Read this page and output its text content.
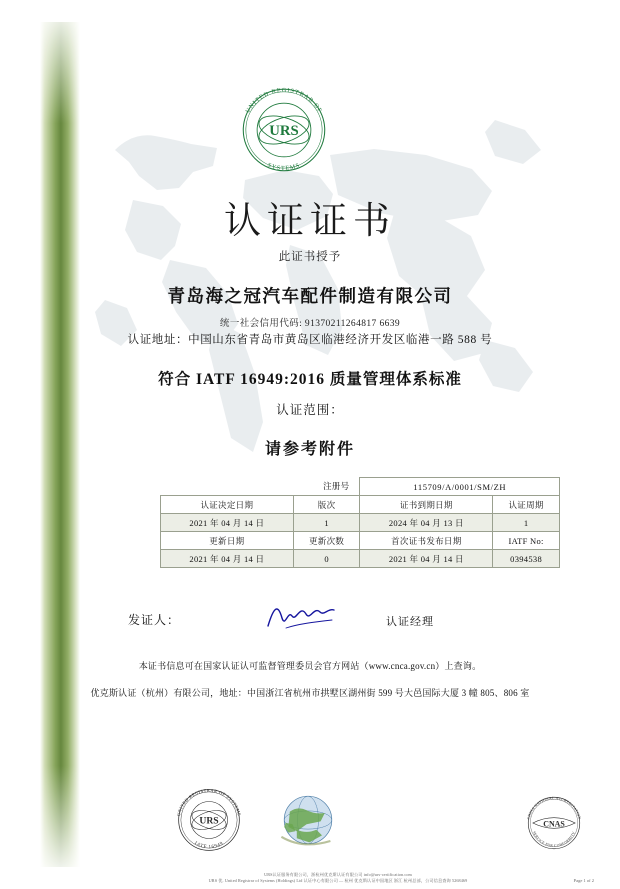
URS
UNITED REGISTRAR OF
SYSTEMS
认证证书
此证书授予
青岛海之冠汽车配件制造有限公司
统一社会信用代码: 91370211264817 6639
认证地址：中国山东省青岛市黄岛区临港经济开发区临港一路 588 号
符合 IATF 16949:2016 质量管理体系标准
认证范围：
请参考附件
	注册号	115709/A/0001/SM/ZH	
认证决定日期	版次	证书到期日期	认证周期
2021 年 04 月 14 日	1	2024 年 04 月 13 日	1
更新日期	更新次数	首次证书发布日期	IATF No:
2021 年 04 月 14 日	0	2021 年 04 月 14 日	0394538
发证人：	认证经理
本证书信息可在国家认证认可监督管理委员会官方网站（www.cnca.gov.cn）上查询。
优克斯认证（杭州）有限公司，地址：中国浙江省杭州市拱墅区湖州街 599 号大邑国际大厦 3 幢 805、806 室
URS
UNITED REGISTRAR OF SYSTEMS
IATF 16949
CNAS
CHINA NATIONAL ACCREDITATION
SERVICE FOR CONFORMITY
URS认证服务有限公司，浙杭州优克斯认证有限公司 info@urs-certification.com
URS 优. United Registrar of Systems (Holdings) Ltd 认证中心有限公司 — 杭州 优克斯认证中国地区 浙江 杭州总部，公司信息查询 5268469	Page 1 of 2
